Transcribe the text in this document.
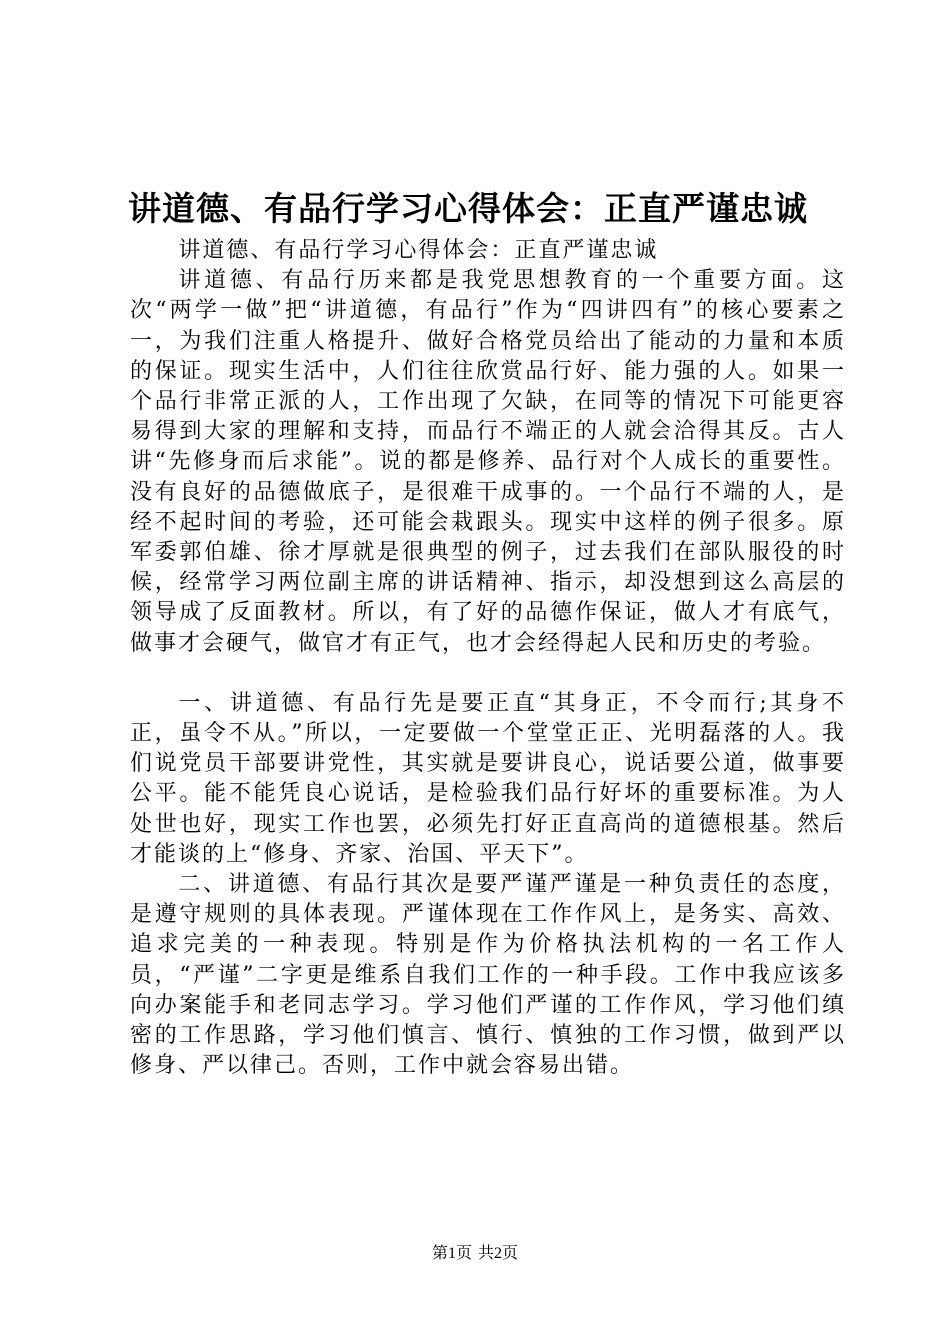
讲道德、有品行学习心得体会：正直严谨忠诚

讲道德、有品行学习心得体会：正直严谨忠诚

讲道德、有品行历来都是我党思想教育的一个重要方面。这次“两学一做”把“讲道德，有品行”作为“四讲四有”的核心要素之一，为我们注重人格提升、做好合格党员给出了能动的力量和本质的保证。现实生活中，人们往往欣赏品行好、能力强的人。如果一个品行非常正派的人，工作出现了欠缺，在同等的情况下可能更容易得到大家的理解和支持，而品行不端正的人就会洽得其反。古人讲“先修身而后求能”。说的都是修养、品行对个人成长的重要性。没有良好的品德做底子，是很难干成事的。一个品行不端的人，是经不起时间的考验，还可能会栽跟头。现实中这样的例子很多。原军委郭伯雄、徐才厚就是很典型的例子，过去我们在部队服役的时候，经常学习两位副主席的讲话精神、指示，却没想到这么高层的领导成了反面教材。所以，有了好的品德作保证，做人才有底气，做事才会硬气，做官才有正气，也才会经得起人民和历史的考验。

一、讲道德、有品行先是要正直“其身正，不令而行;其身不正，虽令不从。”所以，一定要做一个堂堂正正、光明磊落的人。我们说党员干部要讲党性，其实就是要讲良心，说话要公道，做事要公平。能不能凭良心说话，是检验我们品行好坏的重要标准。为人处世也好，现实工作也罢，必须先打好正直高尚的道德根基。然后才能谈的上“修身、齐家、治国、平天下”。

二、讲道德、有品行其次是要严谨严谨是一种负责任的态度，是遵守规则的具体表现。严谨体现在工作作风上，是务实、高效、追求完美的一种表现。特别是作为价格执法机构的一名工作人员，“严谨”二字更是维系自我们工作的一种手段。工作中我应该多向办案能手和老同志学习。学习他们严谨的工作作风，学习他们缜密的工作思路，学习他们慎言、慎行、慎独的工作习惯，做到严以修身、严以律己。否则，工作中就会容易出错。

第1页 共2页
